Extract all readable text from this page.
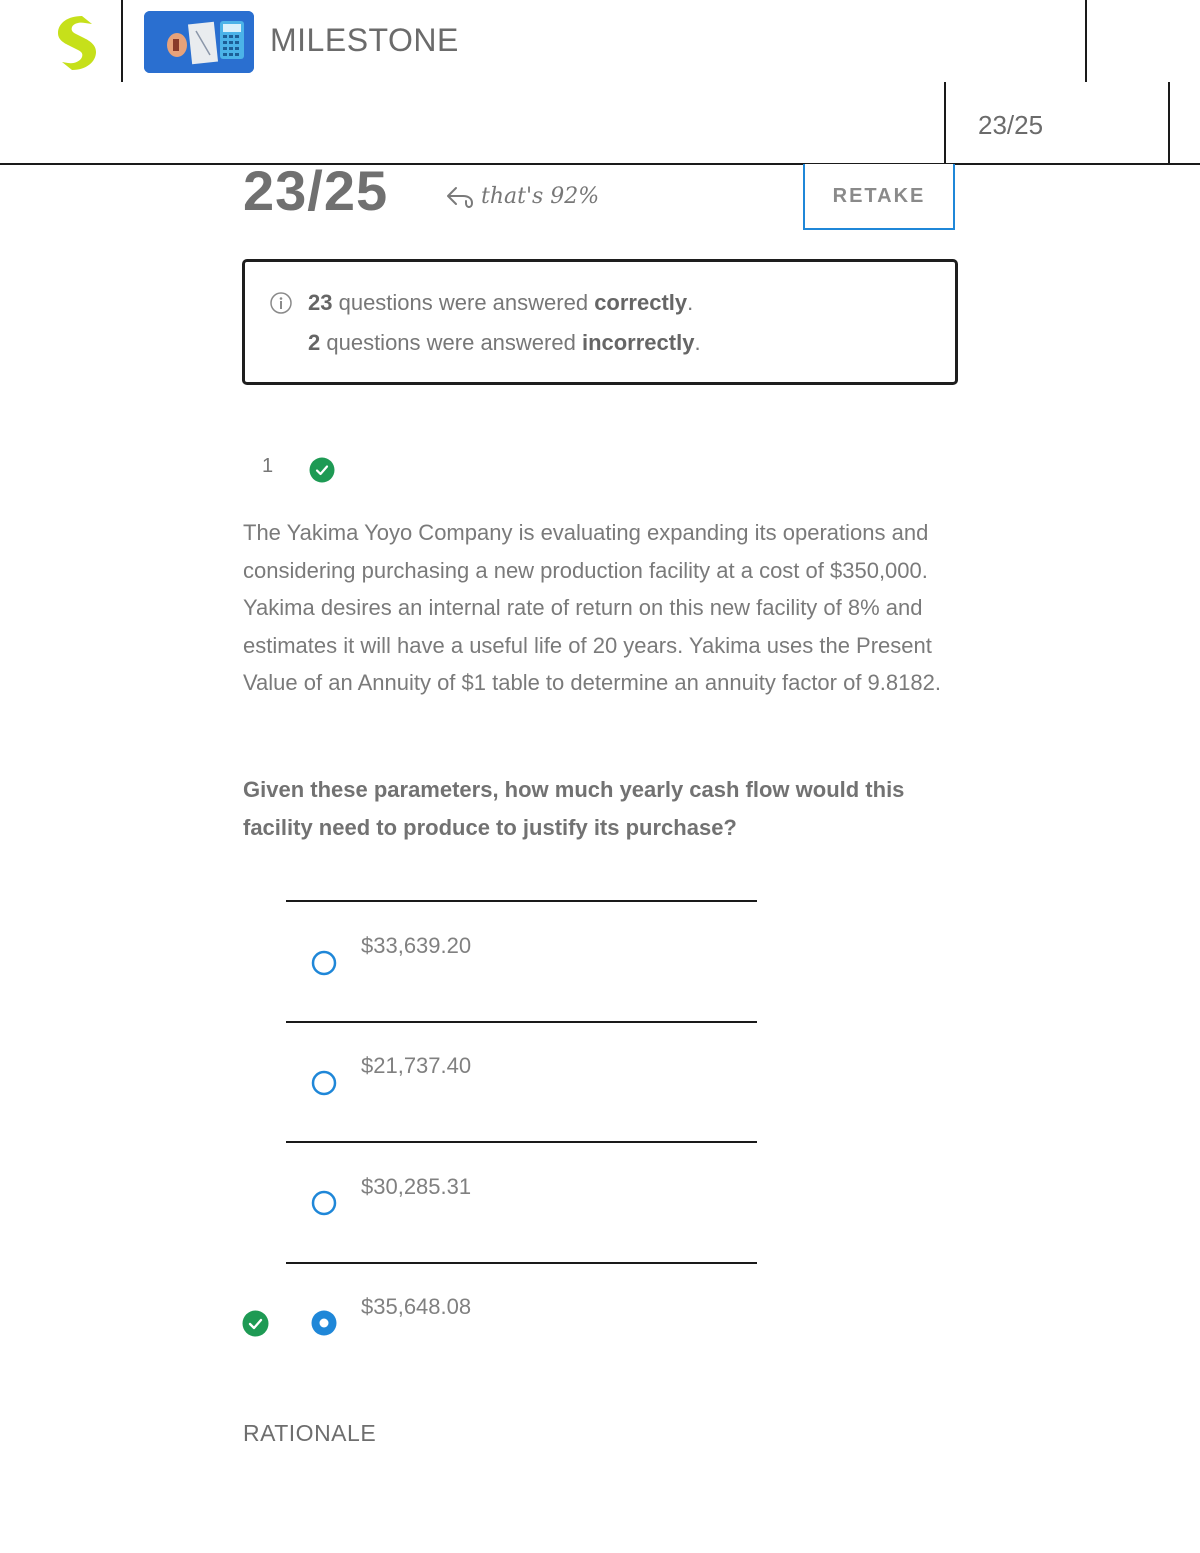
MILESTONE
23/25
23/25	that's 92%	RETAKE
23 questions were answered correctly.
2 questions were answered incorrectly.
1

The Yakima Yoyo Company is evaluating expanding its operations and considering purchasing a new production facility at a cost of $350,000. Yakima desires an internal rate of return on this new facility of 8% and estimates it will have a useful life of 20 years. Yakima uses the Present Value of an Annuity of $1 table to determine an annuity factor of 9.8182.

Given these parameters, how much yearly cash flow would this facility need to produce to justify its purchase?

$33,639.20
$21,737.40
$30,285.31
$35,648.08
RATIONALE
